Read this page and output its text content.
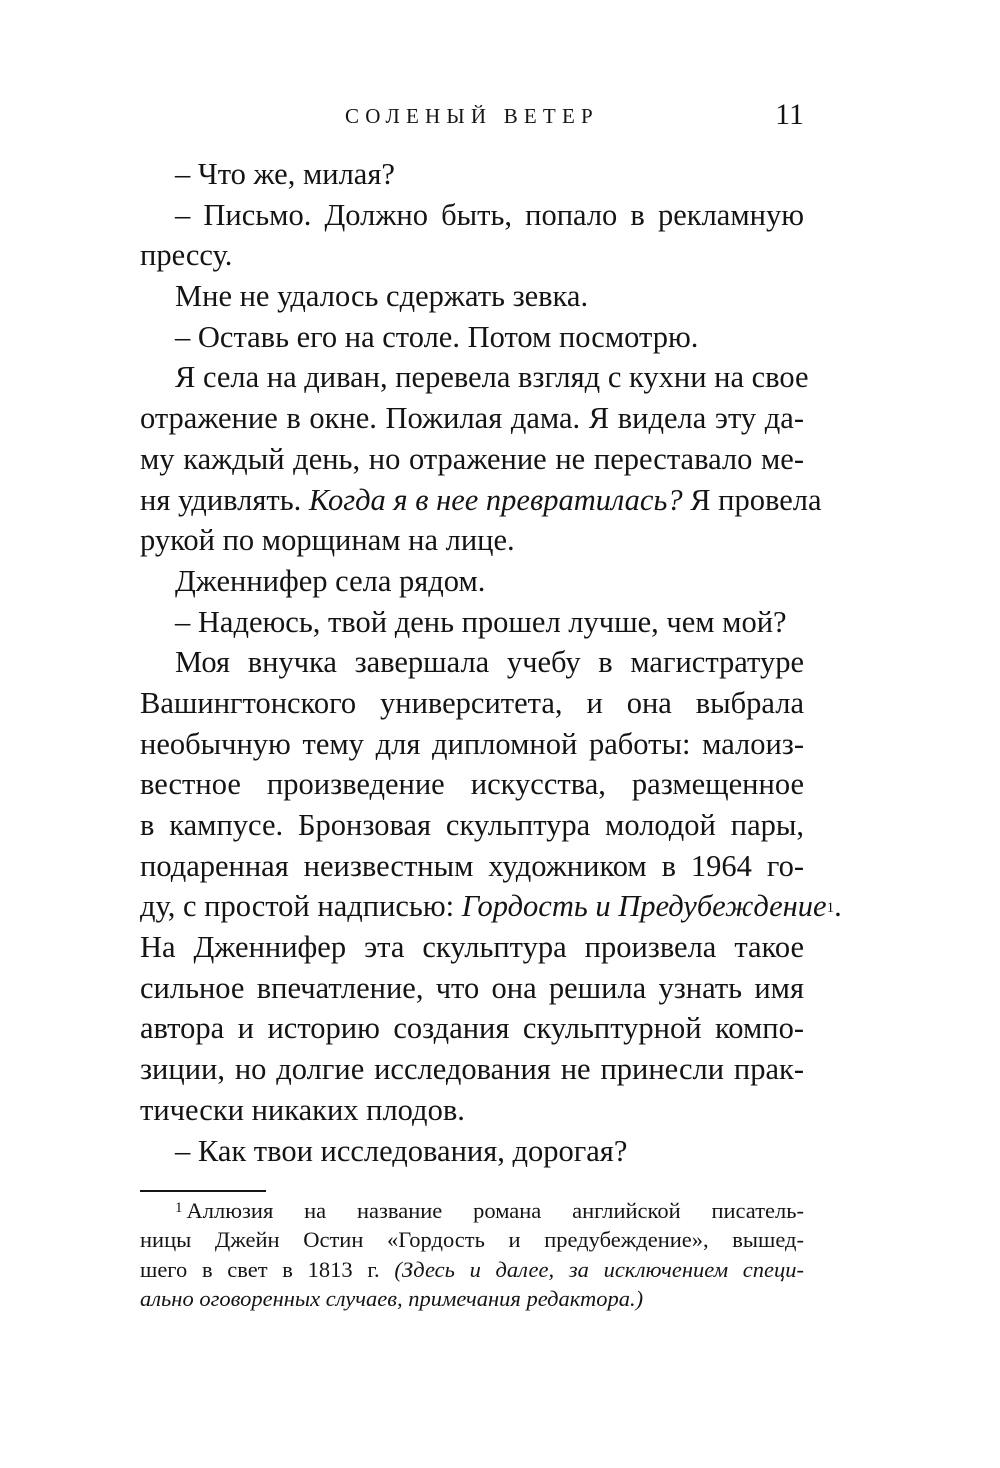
СОЛЕНЫЙ ВЕТЕР	11
– Что же, милая?
– Письмо. Должно быть, попало в рекламную
прессу.
Мне не удалось сдержать зевка.
– Оставь его на столе. Потом посмотрю.
Я села на диван, перевела взгляд с кухни на свое
отражение в окне. Пожилая дама. Я видела эту да-
му каждый день, но отражение не переставало ме-
ня удивлять. Когда я в нее превратилась? Я провела
рукой по морщинам на лице.
Дженнифер села рядом.
– Надеюсь, твой день прошел лучше, чем мой?
Моя внучка завершала учебу в магистратуре
Вашингтонского университета, и она выбрала
необычную тему для дипломной работы: малоиз-
вестное произведение искусства, размещенное
в кампусе. Бронзовая скульптура молодой пары,
подаренная неизвестным художником в 1964 го-
ду, с простой надписью: Гордость и Предубеждение$^1$.
На Дженнифер эта скульптура произвела такое
сильное впечатление, что она решила узнать имя
автора и историю создания скульптурной компо-
зиции, но долгие исследования не принесли прак-
тически никаких плодов.
– Как твои исследования, дорогая?
$^1$ Аллюзия на название романа английской писатель-
ницы Джейн Остин «Гордость и предубеждение», вышед-
шего в свет в 1813 г. (Здесь и далее, за исключением специ-
ально оговоренных случаев, примечания редактора.)
